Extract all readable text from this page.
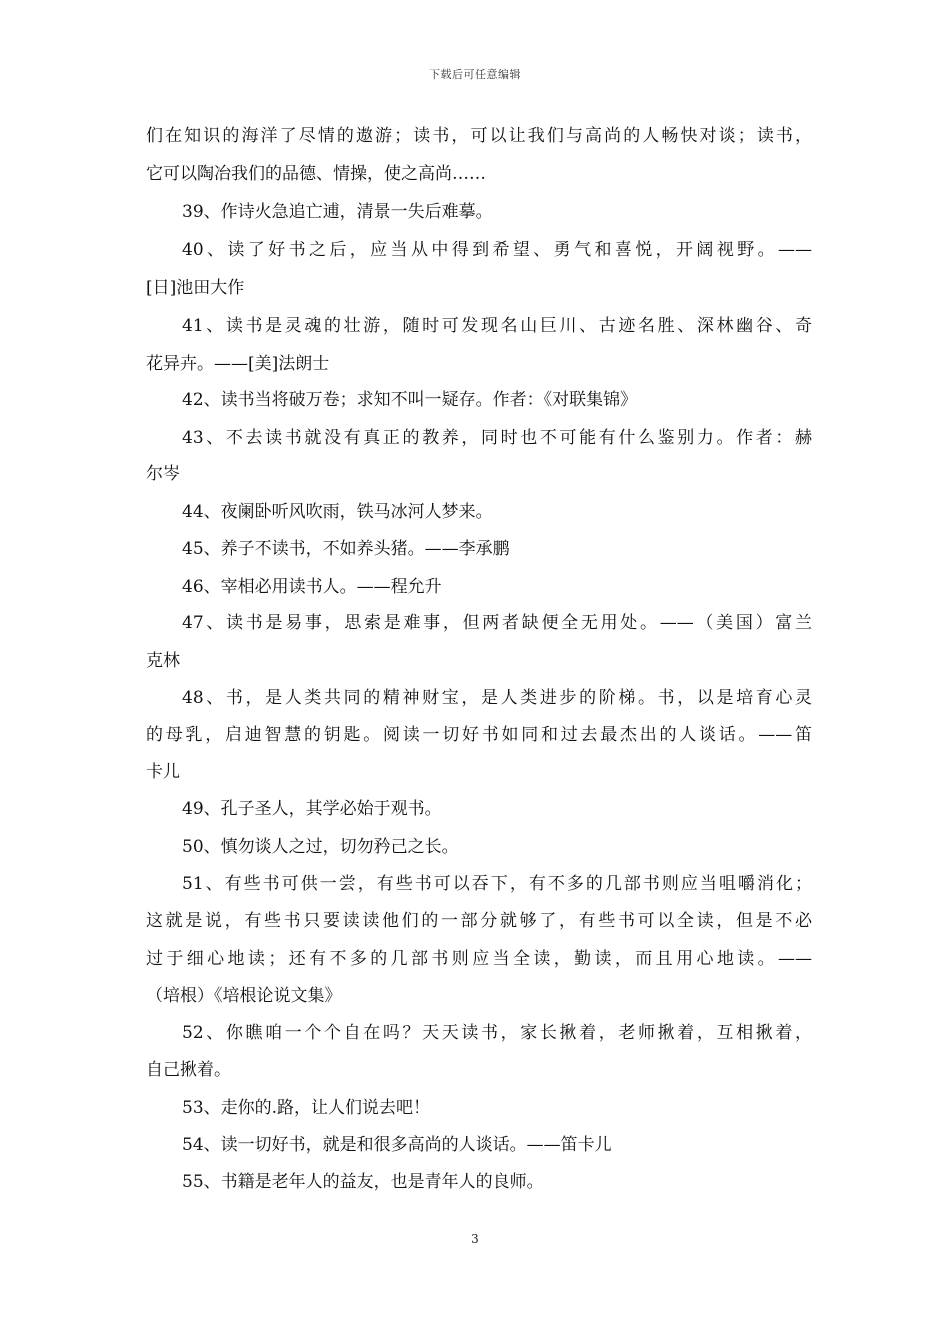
下载后可任意编辑
们在知识的海洋了尽情的遨游；读书，可以让我们与高尚的人畅快对谈；读书，
它可以陶冶我们的品德、情操，使之高尚……
39、作诗火急追亡逋，清景一失后难摹。
40、读了好书之后，应当从中得到希望、勇气和喜悦，开阔视野。——
[日]池田大作
41、读书是灵魂的壮游，随时可发现名山巨川、古迹名胜、深林幽谷、奇
花异卉。——[美]法朗士
42、读书当将破万卷；求知不叫一疑存。作者：《对联集锦》
43、不去读书就没有真正的教养，同时也不可能有什么鉴别力。作者：赫
尔岑
44、夜阑卧听风吹雨，铁马冰河人梦来。
45、养子不读书，不如养头猪。——李承鹏
46、宰相必用读书人。——程允升
47、读书是易事，思索是难事，但两者缺便全无用处。——（美国）富兰
克林
48、书，是人类共同的精神财宝，是人类进步的阶梯。书，以是培育心灵
的母乳，启迪智慧的钥匙。阅读一切好书如同和过去最杰出的人谈话。——笛
卡儿
49、孔子圣人，其学必始于观书。
50、慎勿谈人之过，切勿矜己之长。
51、有些书可供一尝，有些书可以吞下，有不多的几部书则应当咀嚼消化；
这就是说，有些书只要读读他们的一部分就够了，有些书可以全读，但是不必
过于细心地读；还有不多的几部书则应当全读，勤读，而且用心地读。——
（培根）《培根论说文集》
52、你瞧咱一个个自在吗？天天读书，家长揪着，老师揪着，互相揪着，
自己揪着。
53、走你的.路，让人们说去吧！
54、读一切好书，就是和很多高尚的人谈话。——笛卡儿
55、书籍是老年人的益友，也是青年人的良师。
3
